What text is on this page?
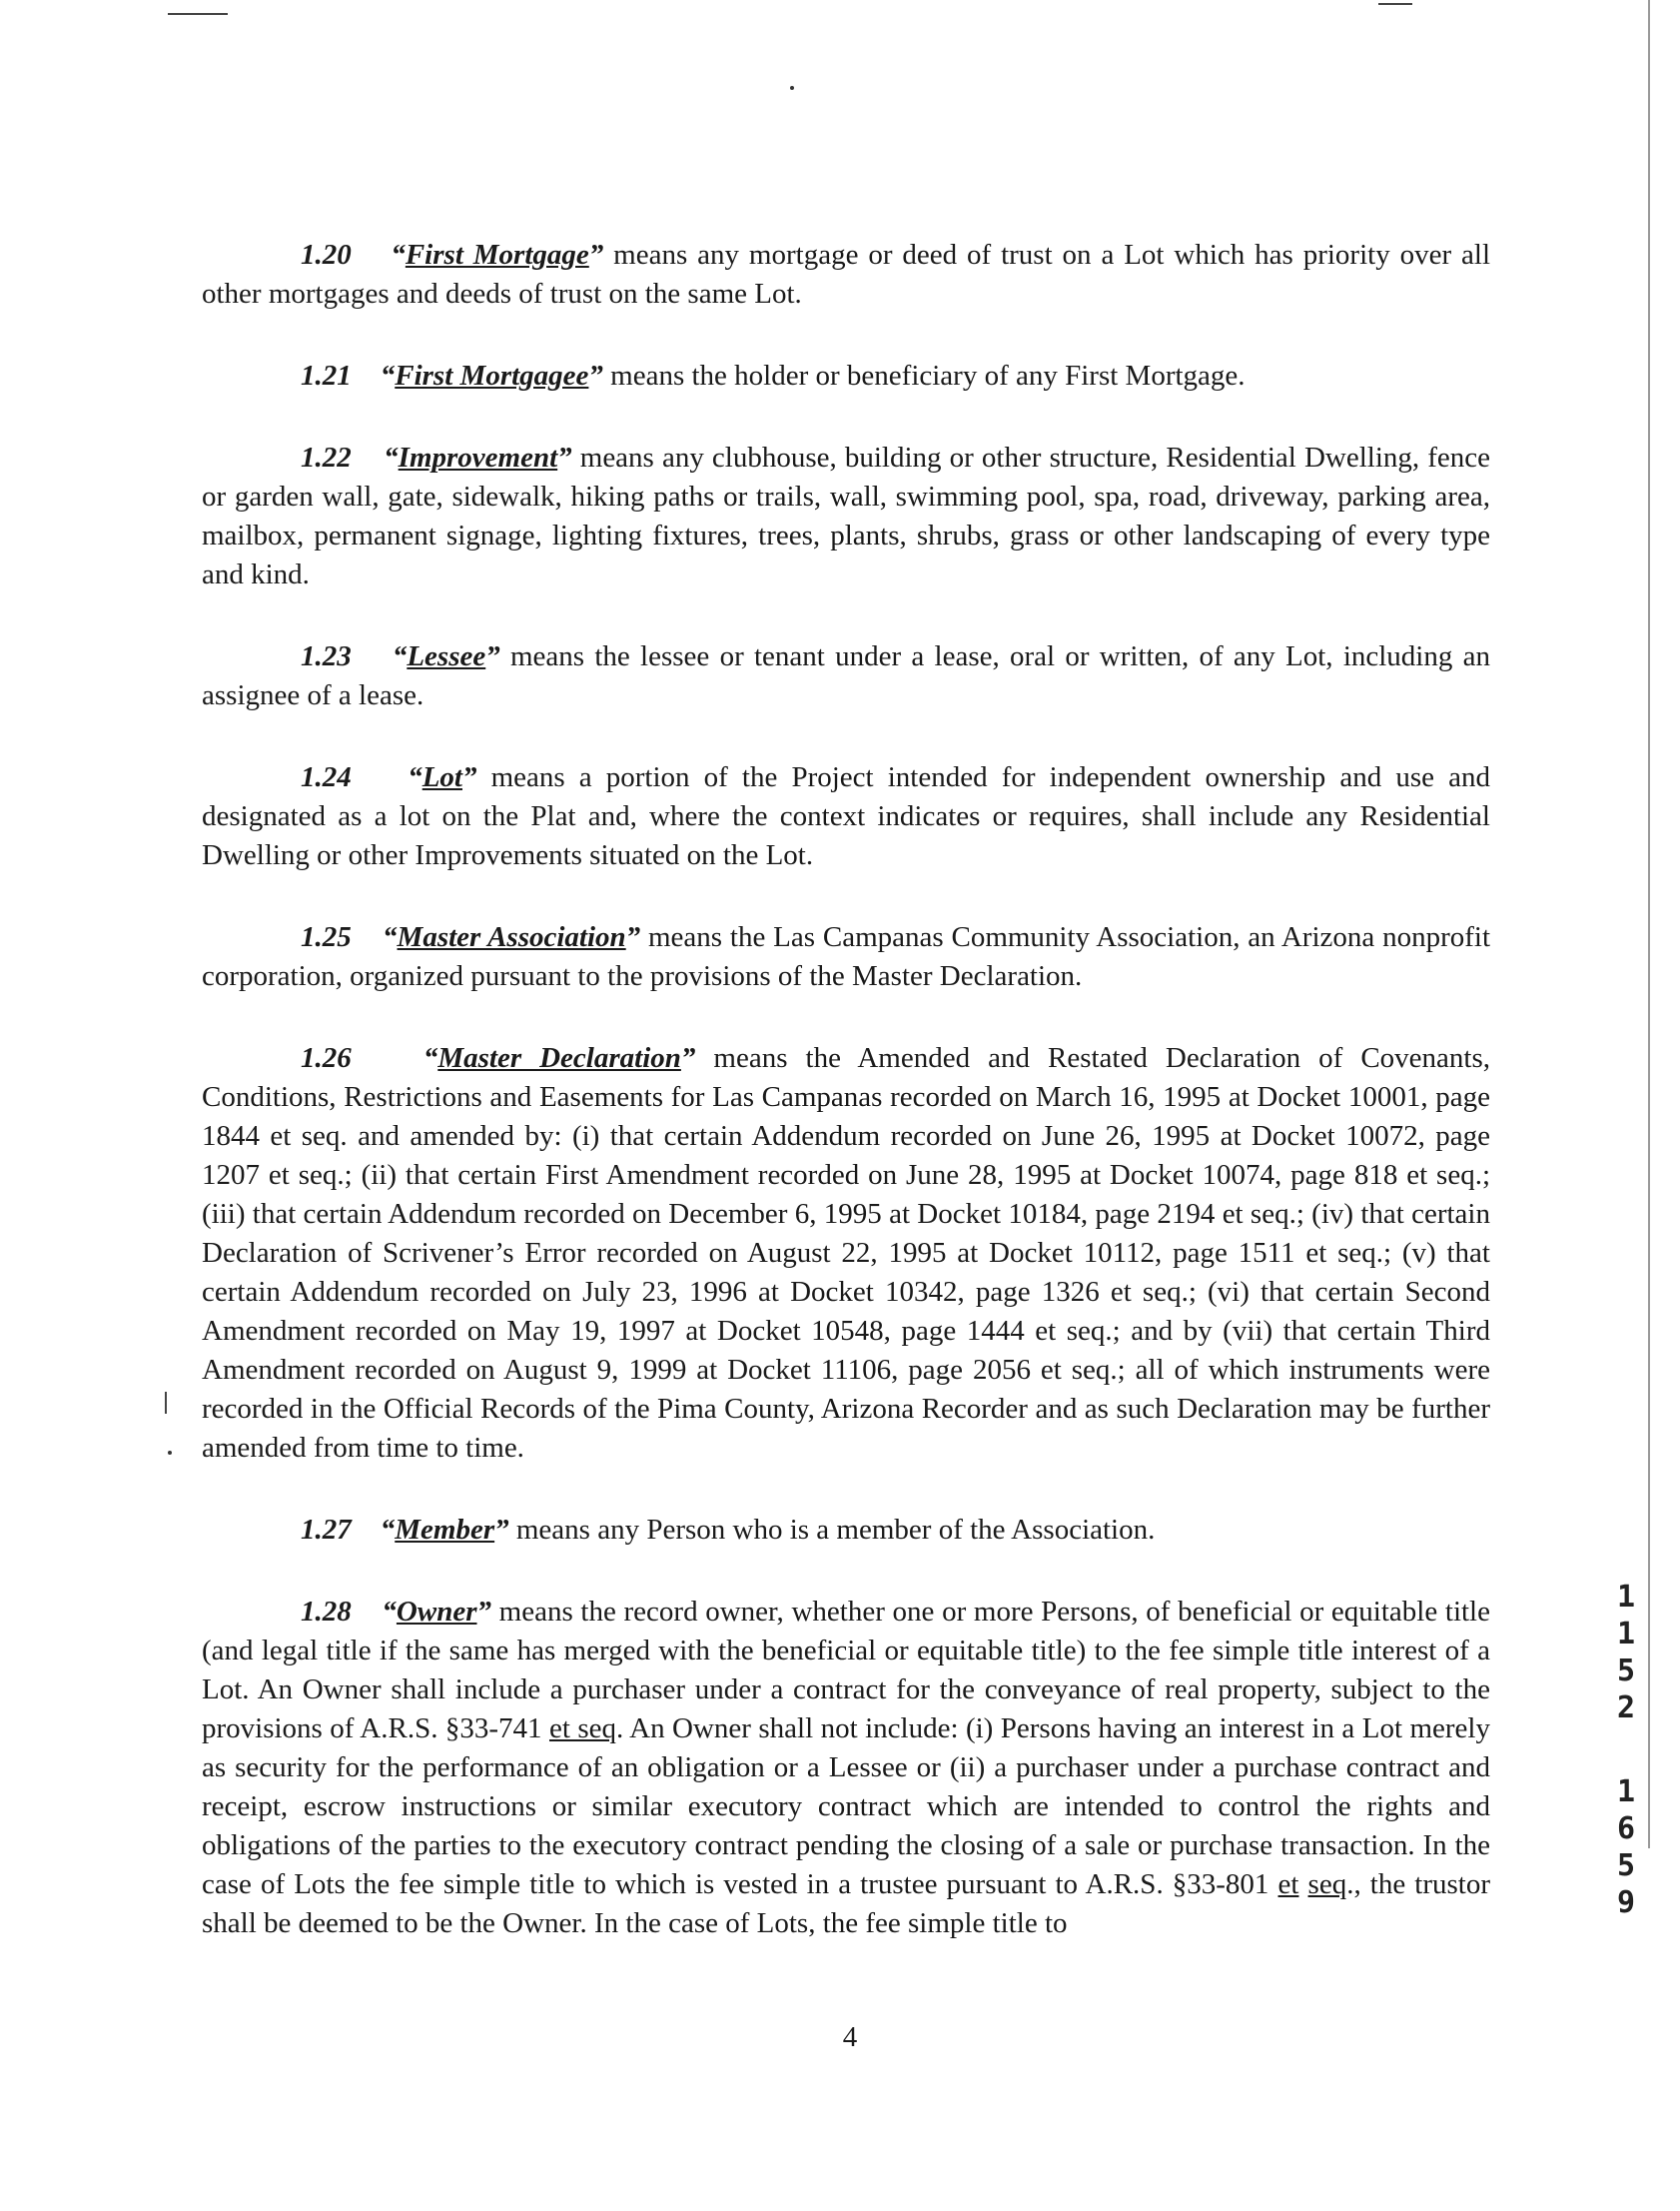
1.20 “First Mortgage” means any mortgage or deed of trust on a Lot which has priority over all other mortgages and deeds of trust on the same Lot.

1.21 “First Mortgagee” means the holder or beneficiary of any First Mortgage.

1.22 “Improvement” means any clubhouse, building or other structure, Residential Dwelling, fence or garden wall, gate, sidewalk, hiking paths or trails, wall, swimming pool, spa, road, driveway, parking area, mailbox, permanent signage, lighting fixtures, trees, plants, shrubs, grass or other landscaping of every type and kind.

1.23 “Lessee” means the lessee or tenant under a lease, oral or written, of any Lot, including an assignee of a lease.

1.24 “Lot” means a portion of the Project intended for independent ownership and use and designated as a lot on the Plat and, where the context indicates or requires, shall include any Residential Dwelling or other Improvements situated on the Lot.

1.25 “Master Association” means the Las Campanas Community Association, an Arizona nonprofit corporation, organized pursuant to the provisions of the Master Declaration.

1.26 “Master Declaration” means the Amended and Restated Declaration of Covenants, Conditions, Restrictions and Easements for Las Campanas recorded on March 16, 1995 at Docket 10001, page 1844 et seq. and amended by: (i) that certain Addendum recorded on June 26, 1995 at Docket 10072, page 1207 et seq.; (ii) that certain First Amendment recorded on June 28, 1995 at Docket 10074, page 818 et seq.; (iii) that certain Addendum recorded on December 6, 1995 at Docket 10184, page 2194 et seq.; (iv) that certain Declaration of Scrivener’s Error recorded on August 22, 1995 at Docket 10112, page 1511 et seq.; (v) that certain Addendum recorded on July 23, 1996 at Docket 10342, page 1326 et seq.; (vi) that certain Second Amendment recorded on May 19, 1997 at Docket 10548, page 1444 et seq.; and by (vii) that certain Third Amendment recorded on August 9, 1999 at Docket 11106, page 2056 et seq.; all of which instruments were recorded in the Official Records of the Pima County, Arizona Recorder and as such Declaration may be further amended from time to time.

1.27 “Member” means any Person who is a member of the Association.

1.28 “Owner” means the record owner, whether one or more Persons, of beneficial or equitable title (and legal title if the same has merged with the beneficial or equitable title) to the fee simple title interest of a Lot. An Owner shall include a purchaser under a contract for the conveyance of real property, subject to the provisions of A.R.S. §33-741 et seq. An Owner shall not include: (i) Persons having an interest in a Lot merely as security for the performance of an obligation or a Lessee or (ii) a purchaser under a purchase contract and receipt, escrow instructions or similar executory contract which are intended to control the rights and obligations of the parties to the executory contract pending the closing of a sale or purchase transaction. In the case of Lots the fee simple title to which is vested in a trustee pursuant to A.R.S. §33-801 et seq., the trustor shall be deemed to be the Owner. In the case of Lots, the fee simple title to

4
1
1
5
2
1
6
5
9
